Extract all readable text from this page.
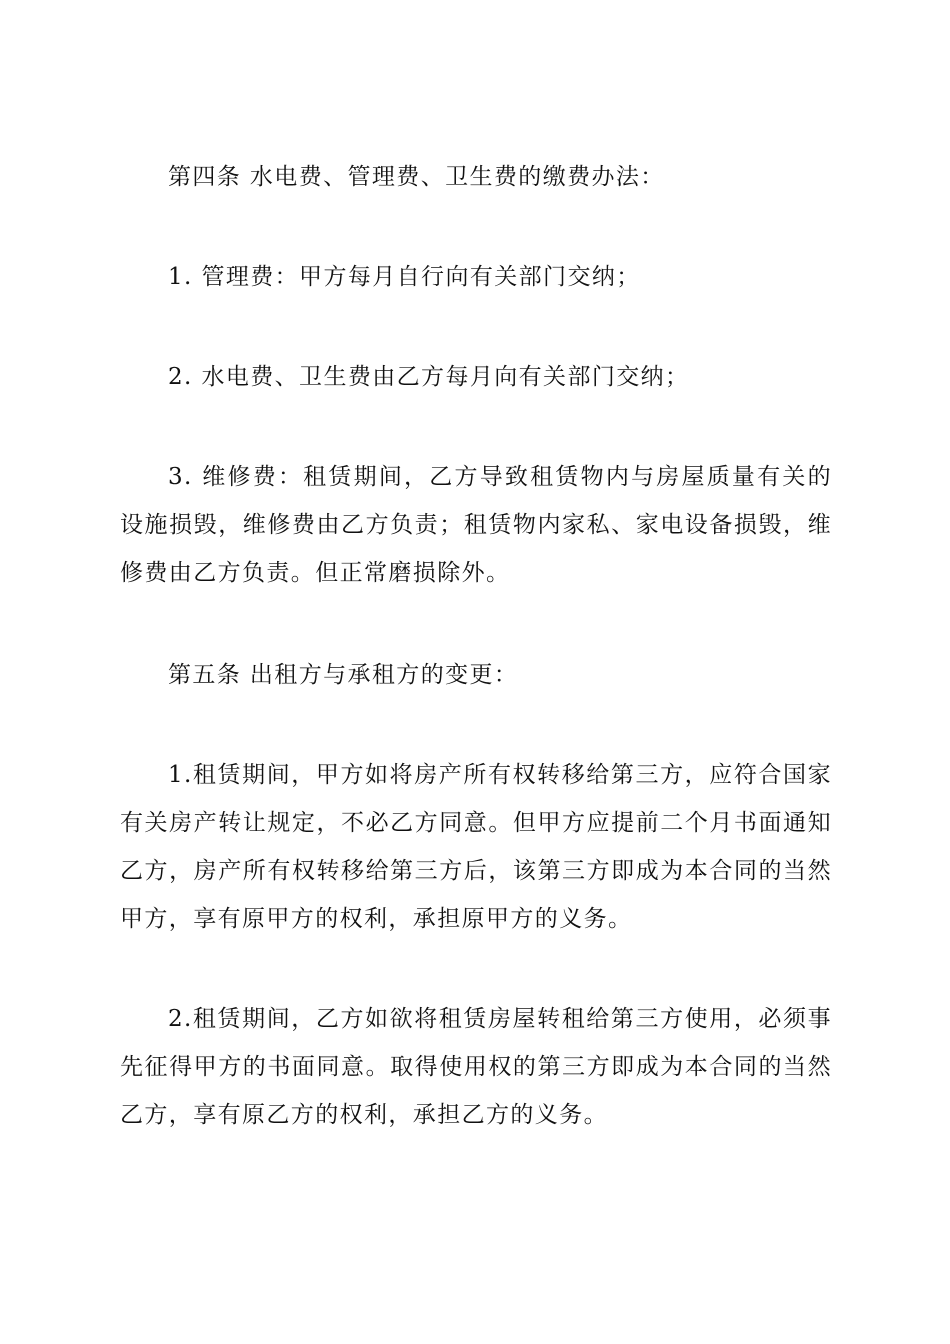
第四条 水电费、管理费、卫生费的缴费办法：

1. 管理费：甲方每月自行向有关部门交纳；

2. 水电费、卫生费由乙方每月向有关部门交纳；

3. 维修费：租赁期间，乙方导致租赁物内与房屋质量有关的设施损毁，维修费由乙方负责；租赁物内家私、家电设备损毁，维修费由乙方负责。但正常磨损除外。

第五条 出租方与承租方的变更：

1.租赁期间，甲方如将房产所有权转移给第三方，应符合国家有关房产转让规定，不必乙方同意。但甲方应提前二个月书面通知乙方，房产所有权转移给第三方后，该第三方即成为本合同的当然甲方，享有原甲方的权利，承担原甲方的义务。

2.租赁期间，乙方如欲将租赁房屋转租给第三方使用，必须事先征得甲方的书面同意。取得使用权的第三方即成为本合同的当然乙方，享有原乙方的权利，承担乙方的义务。
